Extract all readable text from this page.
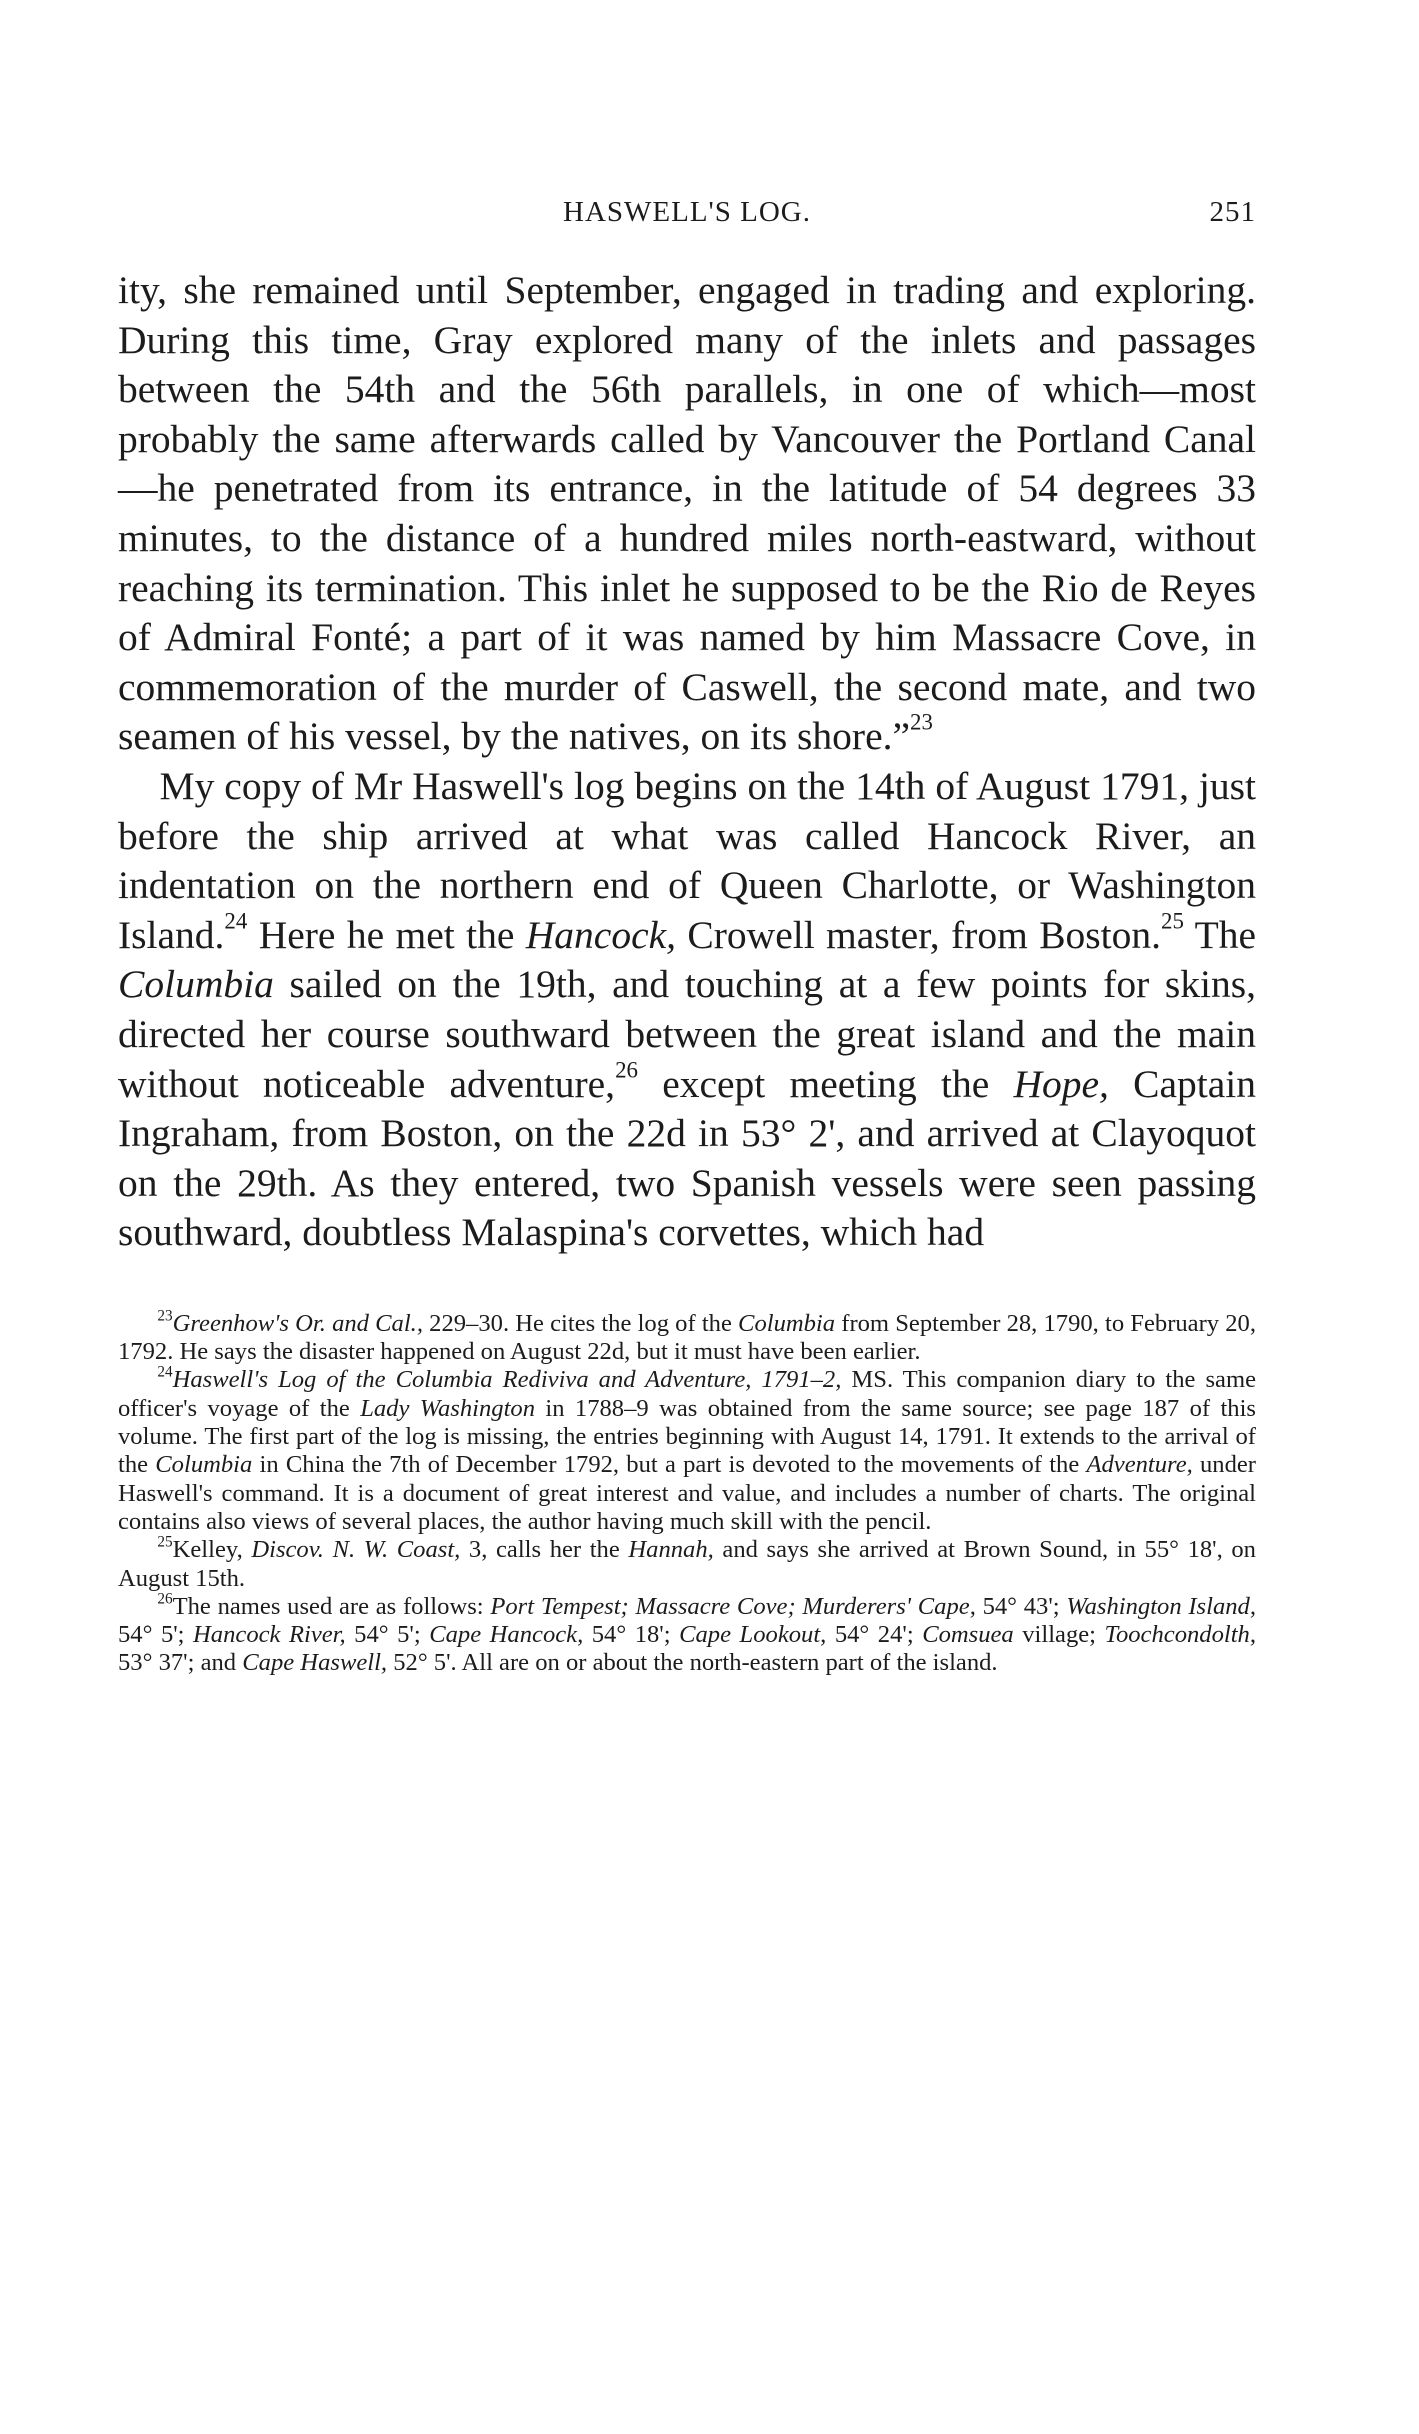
HASWELL'S LOG.	251

ity, she remained until September, engaged in trading and exploring. During this time, Gray explored many of the inlets and passages between the 54th and the 56th parallels, in one of which—most probably the same afterwards called by Vancouver the Portland Canal—he penetrated from its entrance, in the latitude of 54 degrees 33 minutes, to the distance of a hundred miles north-eastward, without reaching its termination. This inlet he supposed to be the Rio de Reyes of Admiral Fonté; a part of it was named by him Massacre Cove, in commemoration of the murder of Caswell, the second mate, and two seamen of his vessel, by the natives, on its shore.”$^{23}$

My copy of Mr Haswell's log begins on the 14th of August 1791, just before the ship arrived at what was called Hancock River, an indentation on the northern end of Queen Charlotte, or Washington Island.$^{24}$ Here he met the Hancock, Crowell master, from Boston.$^{25}$ The Columbia sailed on the 19th, and touching at a few points for skins, directed her course southward between the great island and the main without noticeable adventure,$^{26}$ except meeting the Hope, Captain Ingraham, from Boston, on the 22d in 53° 2', and arrived at Clayoquot on the 29th. As they entered, two Spanish vessels were seen passing southward, doubtless Malaspina's corvettes, which had

$^{23}$Greenhow's Or. and Cal., 229–30. He cites the log of the Columbia from September 28, 1790, to February 20, 1792. He says the disaster happened on August 22d, but it must have been earlier.

$^{24}$Haswell's Log of the Columbia Rediviva and Adventure, 1791–2, MS. This companion diary to the same officer's voyage of the Lady Washington in 1788–9 was obtained from the same source; see page 187 of this volume. The first part of the log is missing, the entries beginning with August 14, 1791. It extends to the arrival of the Columbia in China the 7th of December 1792, but a part is devoted to the movements of the Adventure, under Haswell's command. It is a document of great interest and value, and includes a number of charts. The original contains also views of several places, the author having much skill with the pencil.

$^{25}$Kelley, Discov. N. W. Coast, 3, calls her the Hannah, and says she arrived at Brown Sound, in 55° 18', on August 15th.

$^{26}$The names used are as follows: Port Tempest; Massacre Cove; Murderers' Cape, 54° 43'; Washington Island, 54° 5'; Hancock River, 54° 5'; Cape Hancock, 54° 18'; Cape Lookout, 54° 24'; Comsuea village; Toochcondolth, 53° 37'; and Cape Haswell, 52° 5'. All are on or about the north-eastern part of the island.
